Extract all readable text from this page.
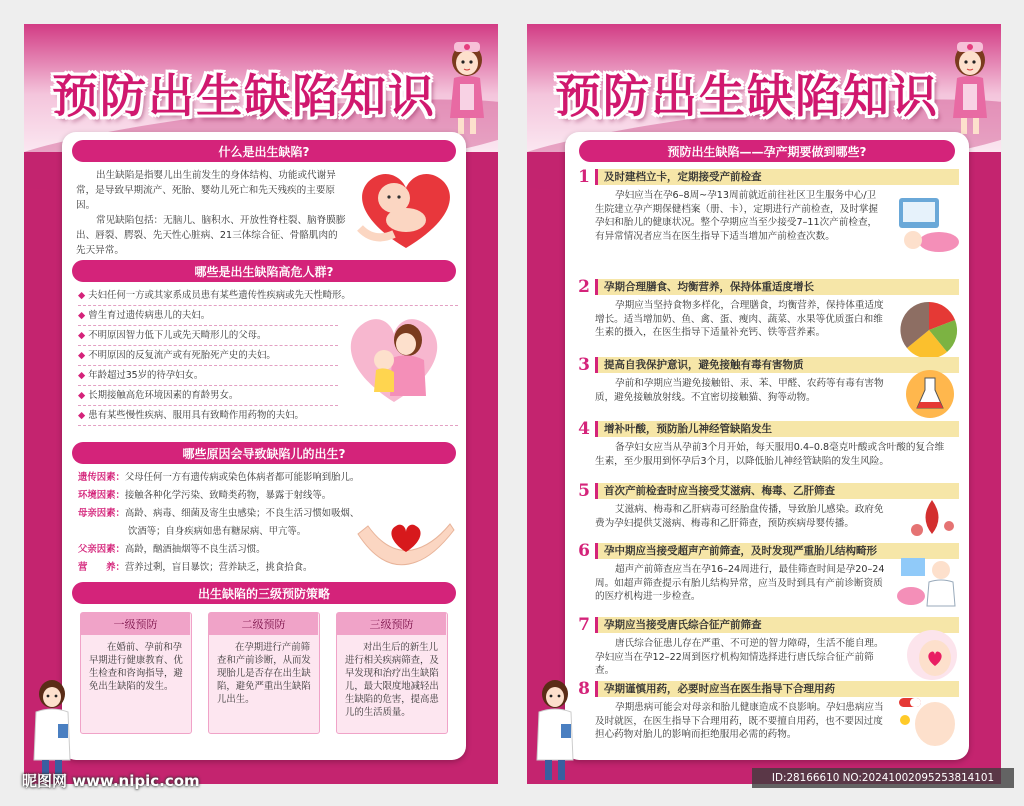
预防出生缺陷知识
什么是出生缺陷?
出生缺陷是指婴儿出生前发生的身体结构、功能或代谢异常，是导致早期流产、死胎、婴幼儿死亡和先天残疾的主要原因。
常见缺陷包括：无脑儿、脑积水、开放性脊柱裂、脑脊膜膨出、唇裂、腭裂、先天性心脏病、21三体综合征、骨骼肌肉的先天异常。
哪些是出生缺陷高危人群?
◆ 夫妇任何一方或其家系成员患有某些遗传性疾病或先天性畸形。
◆ 曾生育过遗传病患儿的夫妇。
◆ 不明原因智力低下儿或先天畸形儿的父母。
◆ 不明原因的反复流产或有死胎死产史的夫妇。
◆ 年龄超过35岁的待孕妇女。
◆ 长期接触高危环境因素的育龄男女。
◆ 患有某些慢性疾病、服用具有致畸作用药物的夫妇。
哪些原因会导致缺陷儿的出生?
遗传因素：父母任何一方有遗传病或染色体病者都可能影响到胎儿。
环境因素：接触各种化学污染、致畸类药物，暴露于射线等。
母亲因素：高龄、病毒、细菌及寄生虫感染；不良生活习惯如吸烟、
饮酒等；自身疾病如患有糖尿病、甲亢等。
父亲因素：高龄，酗酒抽烟等不良生活习惯。
营　　养：营养过剩，盲目暴饮；营养缺乏，挑食拾食。
出生缺陷的三级预防策略
一级预防
在婚前、孕前和孕早期进行健康教育、优生检查和咨询指导，避免出生缺陷的发生。
二级预防
在孕期进行产前筛查和产前诊断，从而发现胎儿是否存在出生缺陷，避免严重出生缺陷儿出生。
三级预防
对出生后的新生儿进行相关疾病筛查，及早发现和治疗出生缺陷儿，最大限度地减轻出生缺陷的危害，提高患儿的生活质量。
预防出生缺陷知识
预防出生缺陷——孕产期要做到哪些?
1	及时建档立卡，定期接受产前检查
孕妇应当在孕6–8周~孕13周前就近前往社区卫生服务中心/卫生院建立孕产期保健档案（册、卡），定期进行产前检查，及时掌握孕妇和胎儿的健康状况。整个孕期应当至少接受7–11次产前检查，有异常情况者应当在医生指导下适当增加产前检查次数。
2	孕期合理膳食、均衡营养，保持体重适度增长
孕期应当坚持食物多样化，合理膳食，均衡营养，保持体重适度增长。适当增加奶、鱼、禽、蛋、瘦肉、蔬菜、水果等优质蛋白和维生素的摄入，在医生指导下适量补充钙、铁等营养素。
3	提高自我保护意识，避免接触有毒有害物质
孕前和孕期应当避免接触铅、汞、苯、甲醛、农药等有毒有害物质，避免接触放射线。不宜密切接触猫、狗等动物。
4	增补叶酸，预防胎儿神经管缺陷发生
备孕妇女应当从孕前3个月开始，每天服用0.4–0.8毫克叶酸或含叶酸的复合维生素，至少服用到怀孕后3个月，以降低胎儿神经管缺陷的发生风险。
5	首次产前检查时应当接受艾滋病、梅毒、乙肝筛查
艾滋病、梅毒和乙肝病毒可经胎盘传播，导致胎儿感染。政府免费为孕妇提供艾滋病、梅毒和乙肝筛查，预防疾病母婴传播。
6	孕中期应当接受超声产前筛查，及时发现严重胎儿结构畸形
超声产前筛查应当在孕16–24周进行，最佳筛查时间是孕20–24周。如超声筛查提示有胎儿结构异常，应当及时到具有产前诊断资质的医疗机构进一步检查。
7	孕期应当接受唐氏综合征产前筛查
唐氏综合征患儿存在严重、不可逆的智力障碍，生活不能自理。孕妇应当在孕12–22周到医疗机构知情选择进行唐氏综合征产前筛查。
8	孕期谨慎用药，必要时应当在医生指导下合理用药
孕期患病可能会对母亲和胎儿健康造成不良影响。孕妇患病应当及时就医，在医生指导下合理用药，既不要擅自用药，也不要因过度担心药物对胎儿的影响而拒绝服用必需的药物。
昵图网 www.nipic.com	ID:28166610 NO:20241002095253814101
